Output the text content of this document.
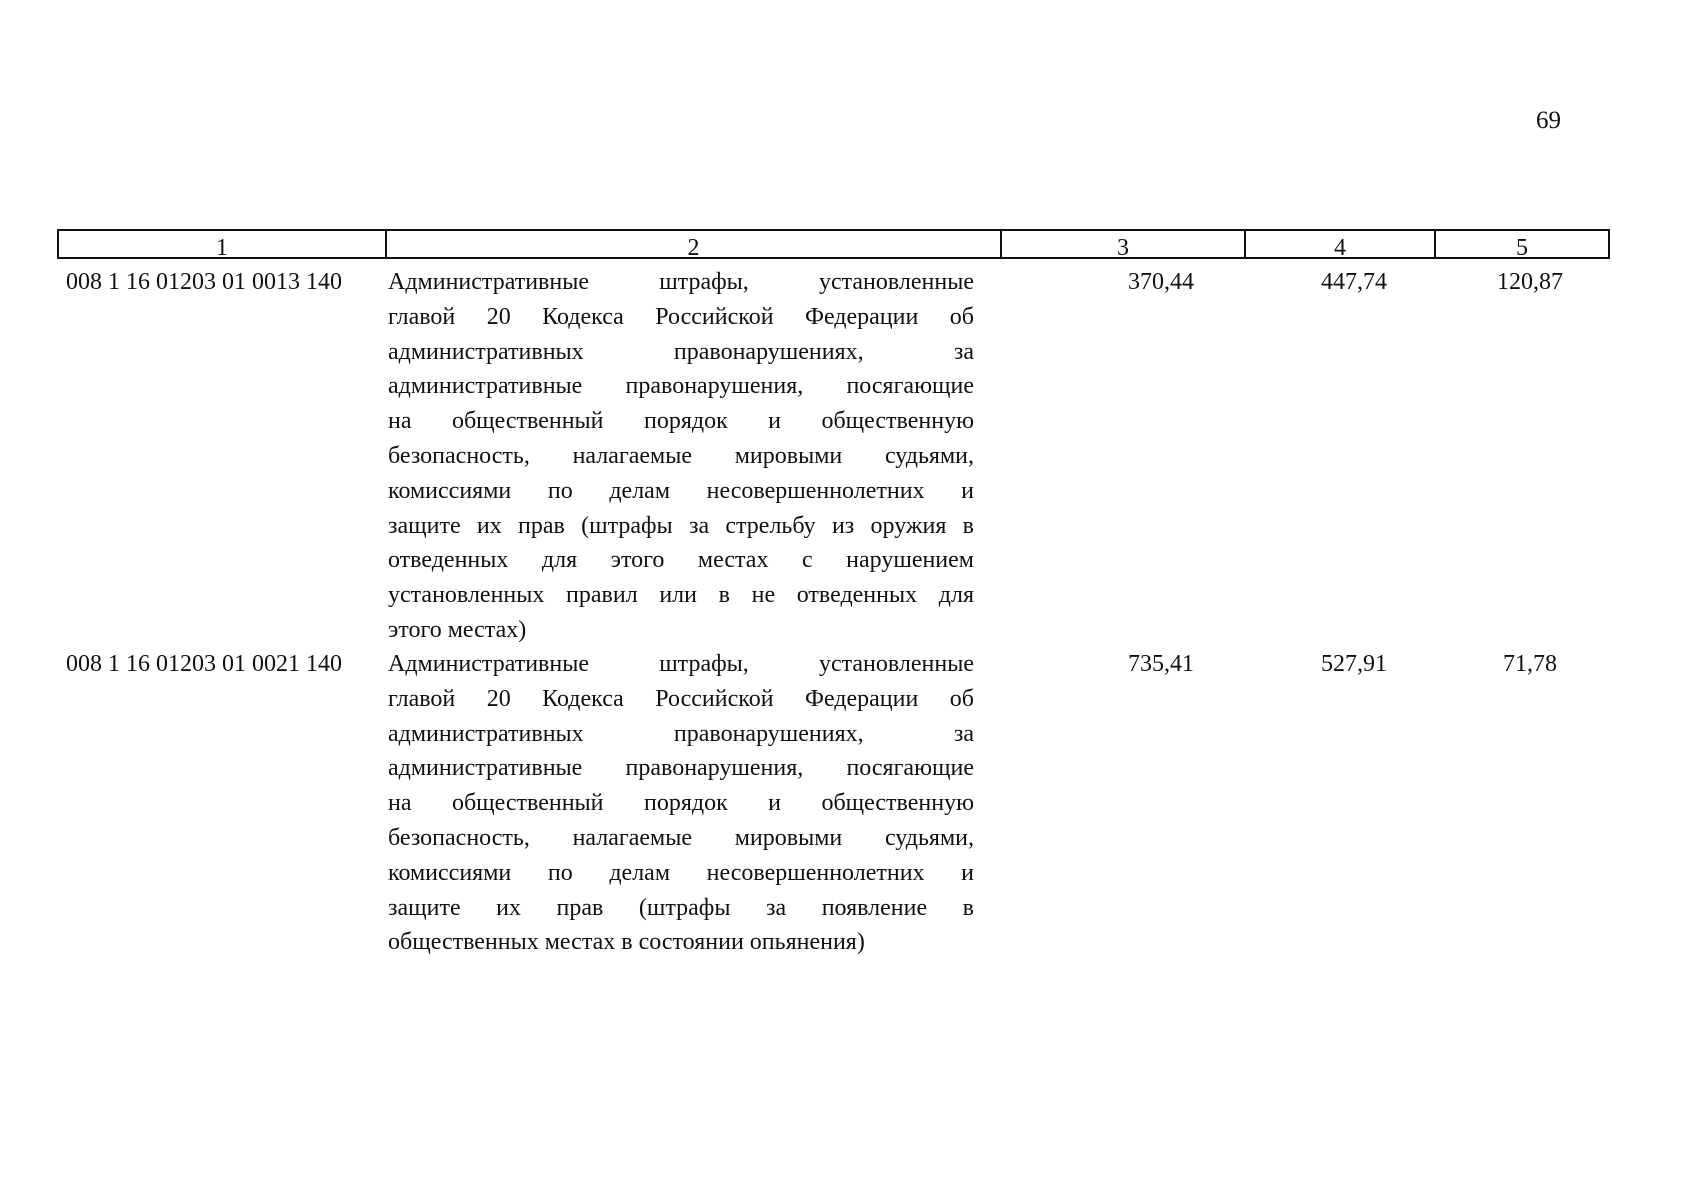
69
1	2	3	4	5
008 1 16 01203 01 0013 140 Административные штрафы, установленные
главой 20 Кодекса Российской Федерации об
административных правонарушениях, за
административные правонарушения, посягающие
на общественный порядок и общественную
безопасность, налагаемые мировыми судьями,
комиссиями по делам несовершеннолетних и
защите их прав (штрафы за стрельбу из оружия в
отведенных для этого местах с нарушением
установленных правил или в не отведенных для
этого местах)
370,44	447,74	120,87
008 1 16 01203 01 0021 140 Административные штрафы, установленные
главой 20 Кодекса Российской Федерации об
административных правонарушениях, за
административные правонарушения, посягающие
на общественный порядок и общественную
безопасность, налагаемые мировыми судьями,
комиссиями по делам несовершеннолетних и
защите их прав (штрафы за появление в
общественных местах в состоянии опьянения)
735,41	527,91	71,78
